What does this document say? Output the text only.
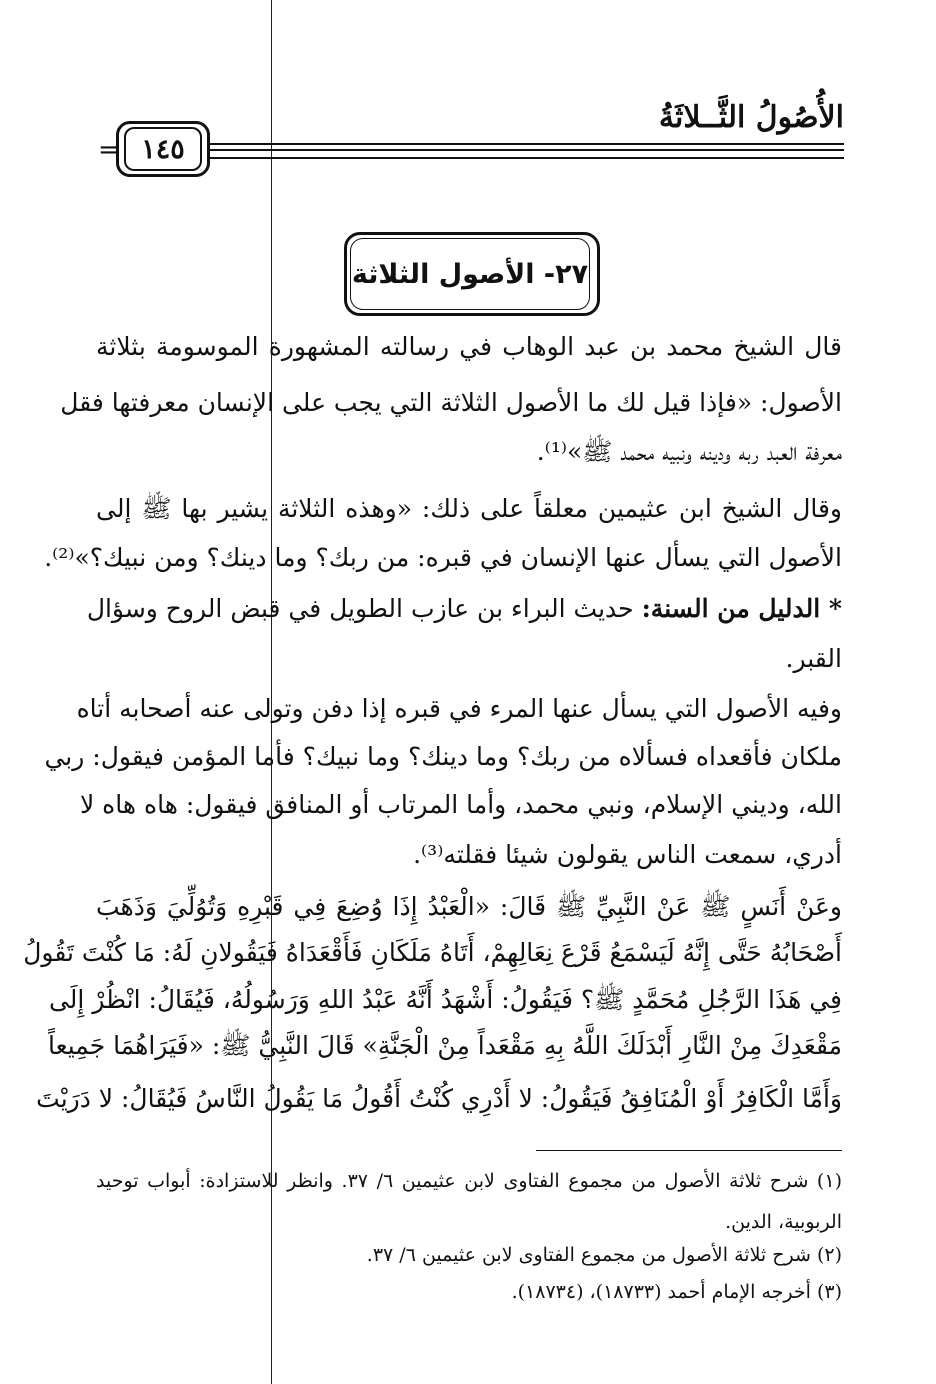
الأُصُولُ الثَّــلاثَةُ
= ١٤٥
٢٧- الأصول الثلاثة
قال الشيخ محمد بن عبد الوهاب في رسالته المشهورة الموسومة بثلاثة
الأصول: «فإذا قيل لك ما الأصول الثلاثة التي يجب على الإنسان معرفتها فقل
معرفة العبد ربه ودينه ونبيه محمد ﷺ»⁽¹⁾.
وقال الشيخ ابن عثيمين معلقاً على ذلك: «وهذه الثلاثة يشير بها ﷺ إلى
الأصول التي يسأل عنها الإنسان في قبره: من ربك؟ وما دينك؟ ومن نبيك؟»⁽²⁾.
* الدليل من السنة: حديث البراء بن عازب الطويل في قبض الروح وسؤال
القبر.
وفيه الأصول التي يسأل عنها المرء في قبره إذا دفن وتولى عنه أصحابه أتاه
ملكان فأقعداه فسألاه من ربك؟ وما دينك؟ وما نبيك؟ فأما المؤمن فيقول: ربي
الله، وديني الإسلام، ونبي محمد، وأما المرتاب أو المنافق فيقول: هاه هاه لا
أدري، سمعت الناس يقولون شيئا فقلته⁽³⁾.
وعَنْ أَنَسٍ ﷺ عَنْ النَّبِيِّ ﷺ قَالَ: «الْعَبْدُ إِذَا وُضِعَ فِي قَبْرِهِ وَتُوُلِّيَ وَذَهَبَ
أَصْحَابُهُ حَتَّى إِنَّهُ لَيَسْمَعُ قَرْعَ نِعَالِهِمْ، أَتَاهُ مَلَكَانِ فَأَقْعَدَاهُ فَيَقُولانِ لَهُ: مَا كُنْتَ تَقُولُ
فِي هَذَا الرَّجُلِ مُحَمَّدٍ ﷺ؟ فَيَقُولُ: أَشْهَدُ أَنَّهُ عَبْدُ اللهِ وَرَسُولُهُ، فَيُقَالُ: انْظُرْ إِلَى
مَقْعَدِكَ مِنْ النَّارِ أَبْدَلَكَ اللَّهُ بِهِ مَقْعَداً مِنْ الْجَنَّةِ» قَالَ النَّبِيُّ ﷺ: «فَيَرَاهُمَا جَمِيعاً
وَأَمَّا الْكَافِرُ أَوْ الْمُنَافِقُ فَيَقُولُ: لا أَدْرِي كُنْتُ أَقُولُ مَا يَقُولُ النَّاسُ فَيُقَالُ: لا دَرَيْتَ
(١) شرح ثلاثة الأصول من مجموع الفتاوى لابن عثيمين ٦/ ٣٧. وانظر للاستزادة: أبواب توحيد
الربوبية، الدين.
(٢) شرح ثلاثة الأصول من مجموع الفتاوى لابن عثيمين ٦/ ٣٧.
(٣) أخرجه الإمام أحمد (١٨٧٣٣)، (١٨٧٣٤).
